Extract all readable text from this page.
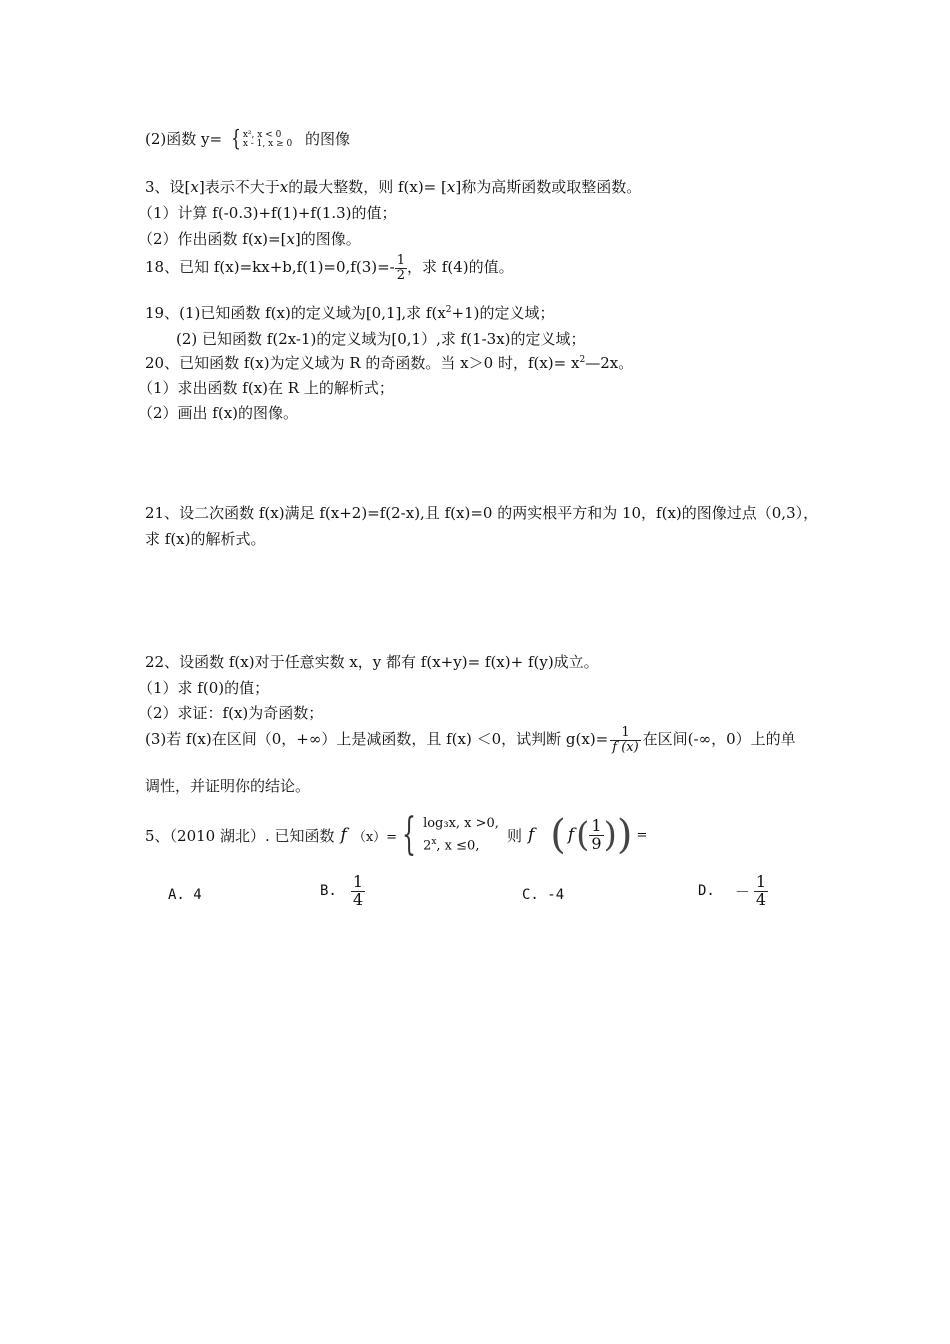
(2)函数 y= { x², x < 0
x - 1, x ≥ 0 的图像
3、设[x]表示不大于x的最大整数，则 f(x)= [x]称为高斯函数或取整函数。
（1）计算 f(-0.3)+f(1)+f(1.3)的值；
（2）作出函数 f(x)=[x]的图像。
18、已知 $f(x)=kx+b,f(1)=0,f(3)=- \frac{1}{2}$ ，求 f(4)的值。
19、(1)已知函数 f(x)的定义域为[0,1],求 $f(x^2+1)$的定义域；
(2) 已知函数 f(2x-1)的定义域为[0,1）,求 f(1-3x)的定义域；
20、已知函数 f(x)为定义域为 R 的奇函数。当 x＞0 时，$f(x)= x^2—2x$。
（1）求出函数 f(x)在 R 上的解析式；
（2）画出 f(x)的图像。
21、设二次函数 f(x)满足 f(x+2)=f(2-x),且 f(x)=0 的两实根平方和为 10，f(x)的图像过点（0,3），
求 f(x)的解析式。
22、设函数 f(x)对于任意实数 x，y 都有 f(x+y)= f(x)+ f(y)成立。
（1）求 f(0)的值；
（2）求证：f(x)为奇函数；
(3)若 f(x)在区间（0，+∞）上是减函数，且 f(x) ＜0，试判断 $g(x)= \frac{1}{f (x)}$ 在区间(-∞，0）上的单
调性，并证明你的结论。
5、（2010 湖北）. 已知函数 f （x）= { log₃x, x >0,
2$^x$, x ≤0,
则 f ( f ( $\frac{1}{9}$ ) ) =
A. 4	B. $\frac{1}{4}$	C. -4	D. － $\frac{1}{4}$
